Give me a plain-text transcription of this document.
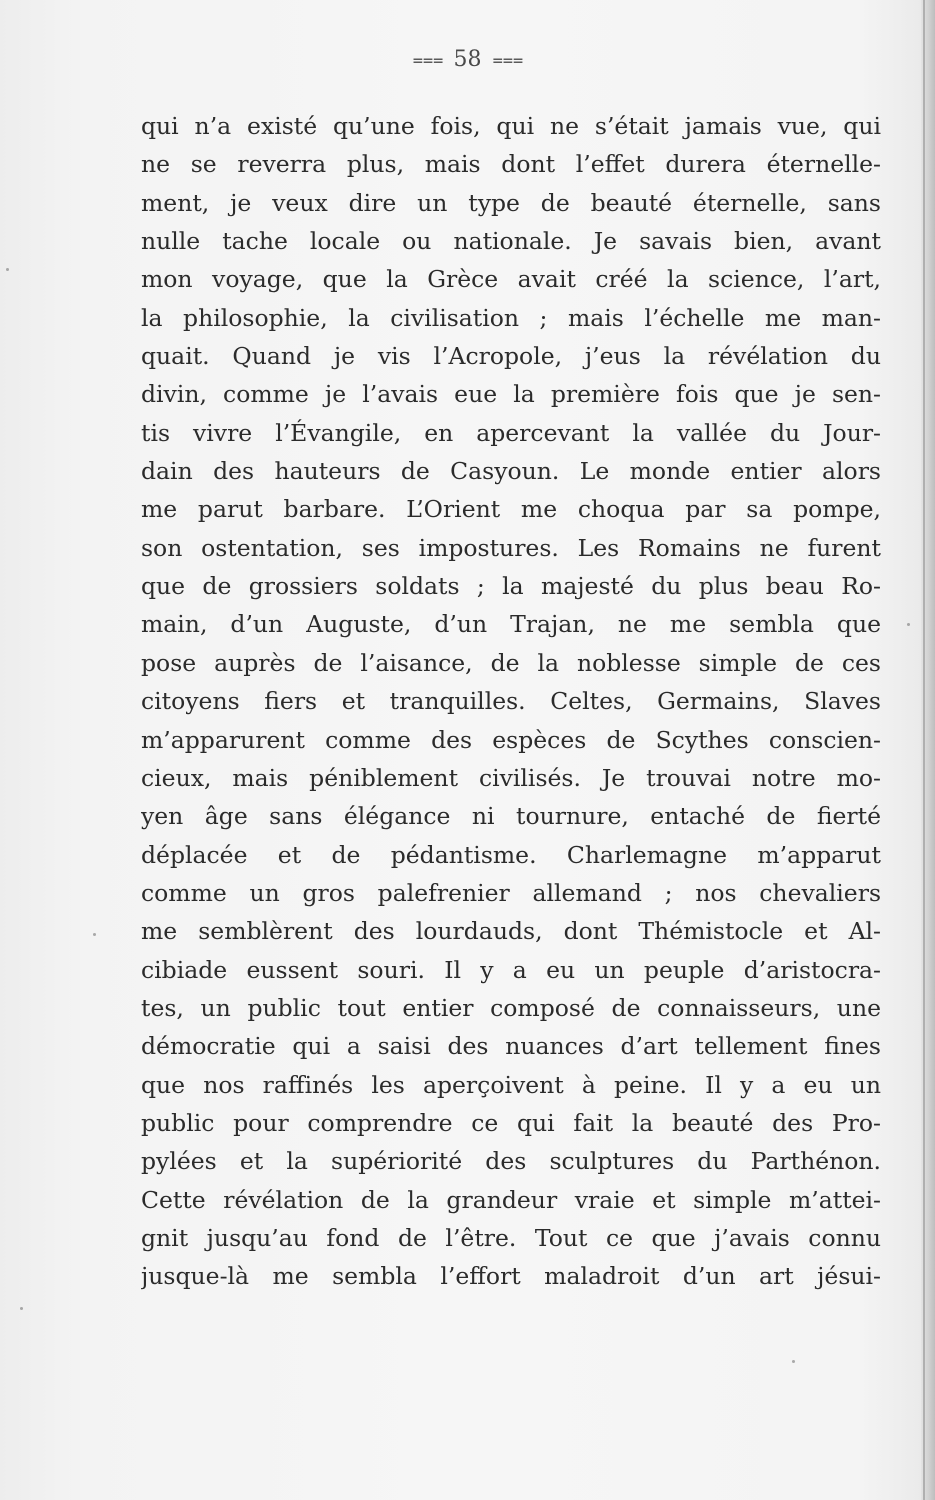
⩶ 58 ⩶
qui n’a existé qu’une fois, qui ne s’était jamais vue, qui
ne se reverra plus, mais dont l’effet durera éternelle-
ment, je veux dire un type de beauté éternelle, sans
nulle tache locale ou nationale. Je savais bien, avant
mon voyage, que la Grèce avait créé la science, l’art,
la philosophie, la civilisation ; mais l’échelle me man-
quait. Quand je vis l’Acropole, j’eus la révélation du
divin, comme je l’avais eue la première fois que je sen-
tis vivre l’Évangile, en apercevant la vallée du Jour-
dain des hauteurs de Casyoun. Le monde entier alors
me parut barbare. L’Orient me choqua par sa pompe,
son ostentation, ses impostures. Les Romains ne furent
que de grossiers soldats ; la majesté du plus beau Ro-
main, d’un Auguste, d’un Trajan, ne me sembla que
pose auprès de l’aisance, de la noblesse simple de ces
citoyens fiers et tranquilles. Celtes, Germains, Slaves
m’apparurent comme des espèces de Scythes conscien-
cieux, mais péniblement civilisés. Je trouvai notre mo-
yen âge sans élégance ni tournure, entaché de fierté
déplacée et de pédantisme. Charlemagne m’apparut
comme un gros palefrenier allemand ; nos chevaliers
me semblèrent des lourdauds, dont Thémistocle et Al-
cibiade eussent souri. Il y a eu un peuple d’aristocra-
tes, un public tout entier composé de connaisseurs, une
démocratie qui a saisi des nuances d’art tellement fines
que nos raffinés les aperçoivent à peine. Il y a eu un
public pour comprendre ce qui fait la beauté des Pro-
pylées et la supériorité des sculptures du Parthénon.
Cette révélation de la grandeur vraie et simple m’attei-
gnit jusqu’au fond de l’être. Tout ce que j’avais connu
jusque-là me sembla l’effort maladroit d’un art jésui-
